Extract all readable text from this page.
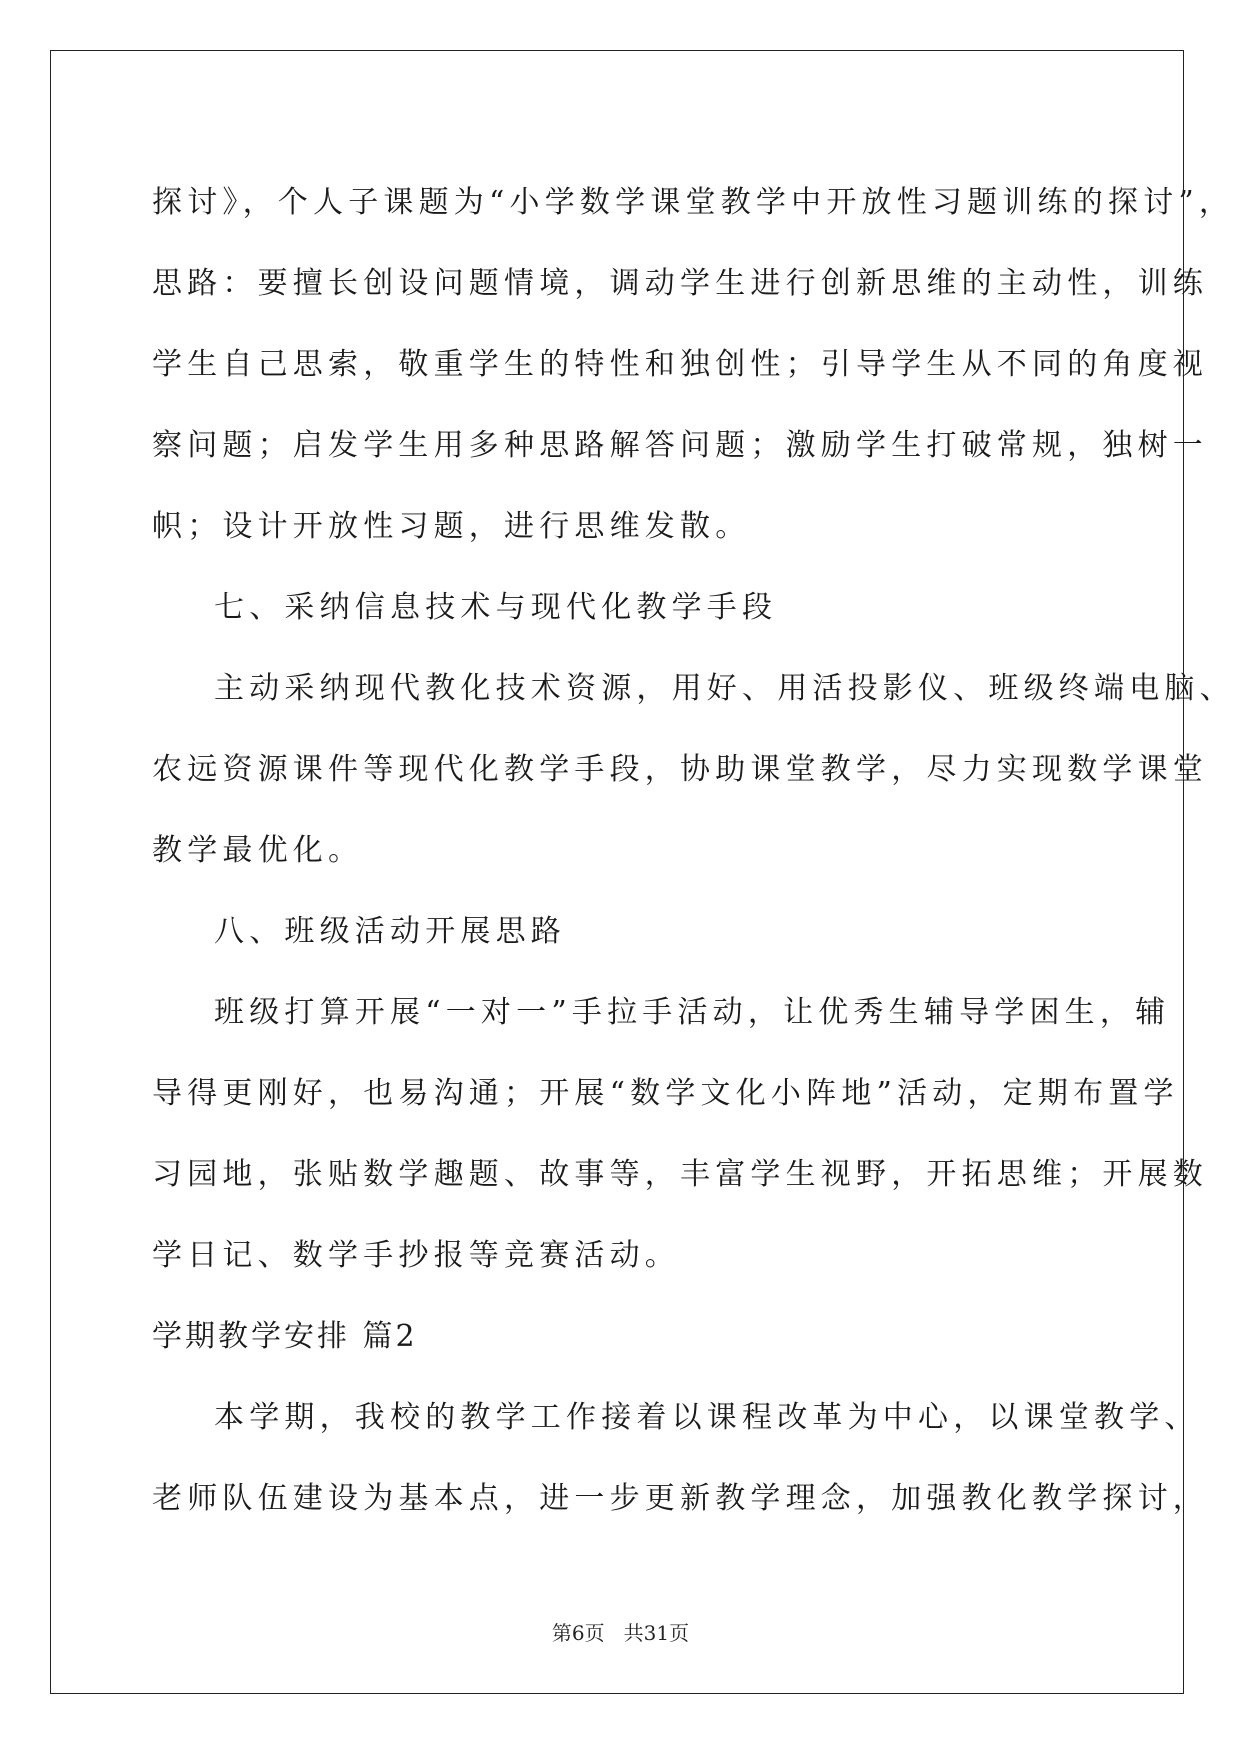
探讨》，个人子课题为“小学数学课堂教学中开放性习题训练的探讨”，

思路：要擅长创设问题情境，调动学生进行创新思维的主动性，训练

学生自己思索，敬重学生的特性和独创性；引导学生从不同的角度视

察问题；启发学生用多种思路解答问题；激励学生打破常规，独树一

帜；设计开放性习题，进行思维发散。

七、采纳信息技术与现代化教学手段

主动采纳现代教化技术资源，用好、用活投影仪、班级终端电脑、

农远资源课件等现代化教学手段，协助课堂教学，尽力实现数学课堂

教学最优化。

八、班级活动开展思路

班级打算开展“一对一”手拉手活动，让优秀生辅导学困生，辅

导得更刚好，也易沟通；开展“数学文化小阵地”活动，定期布置学

习园地，张贴数学趣题、故事等，丰富学生视野，开拓思维；开展数

学日记、数学手抄报等竞赛活动。

学期教学安排 篇2

本学期，我校的教学工作接着以课程改革为中心，以课堂教学、

老师队伍建设为基本点，进一步更新教学理念，加强教化教学探讨，

第6页   共31页
